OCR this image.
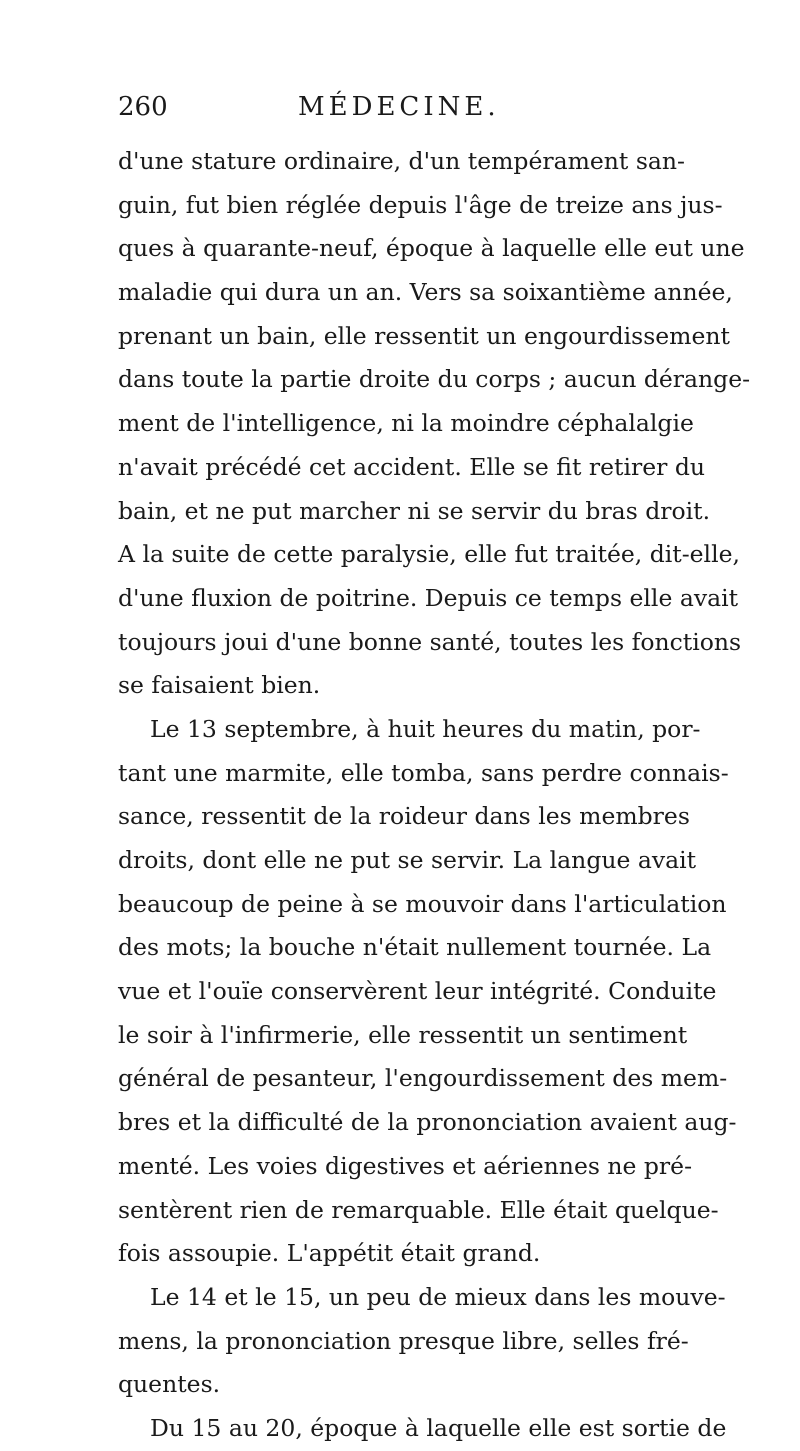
260	MÉDECINE.
d'une stature ordinaire, d'un tempérament san-
guin, fut bien réglée depuis l'âge de treize ans jus-
ques à quarante-neuf, époque à laquelle elle eut une
maladie qui dura un an. Vers sa soixantième année,
prenant un bain, elle ressentit un engourdissement
dans toute la partie droite du corps ; aucun dérange-
ment de l'intelligence, ni la moindre céphalalgie
n'avait précédé cet accident. Elle se fit retirer du
bain, et ne put marcher ni se servir du bras droit.
A la suite de cette paralysie, elle fut traitée, dit-elle,
d'une fluxion de poitrine. Depuis ce temps elle avait
toujours joui d'une bonne santé, toutes les fonctions
se faisaient bien.
Le 13 septembre, à huit heures du matin, por-
tant une marmite, elle tomba, sans perdre connais-
sance, ressentit de la roideur dans les membres
droits, dont elle ne put se servir. La langue avait
beaucoup de peine à se mouvoir dans l'articulation
des mots; la bouche n'était nullement tournée. La
vue et l'ouïe conservèrent leur intégrité. Conduite
le soir à l'infirmerie, elle ressentit un sentiment
général de pesanteur, l'engourdissement des mem-
bres et la difficulté de la prononciation avaient aug-
menté. Les voies digestives et aériennes ne pré-
sentèrent rien de remarquable. Elle était quelque-
fois assoupie. L'appétit était grand.
Le 14 et le 15, un peu de mieux dans les mouve-
mens, la prononciation presque libre, selles fré-
quentes.
Du 15 au 20, époque à laquelle elle est sortie de
